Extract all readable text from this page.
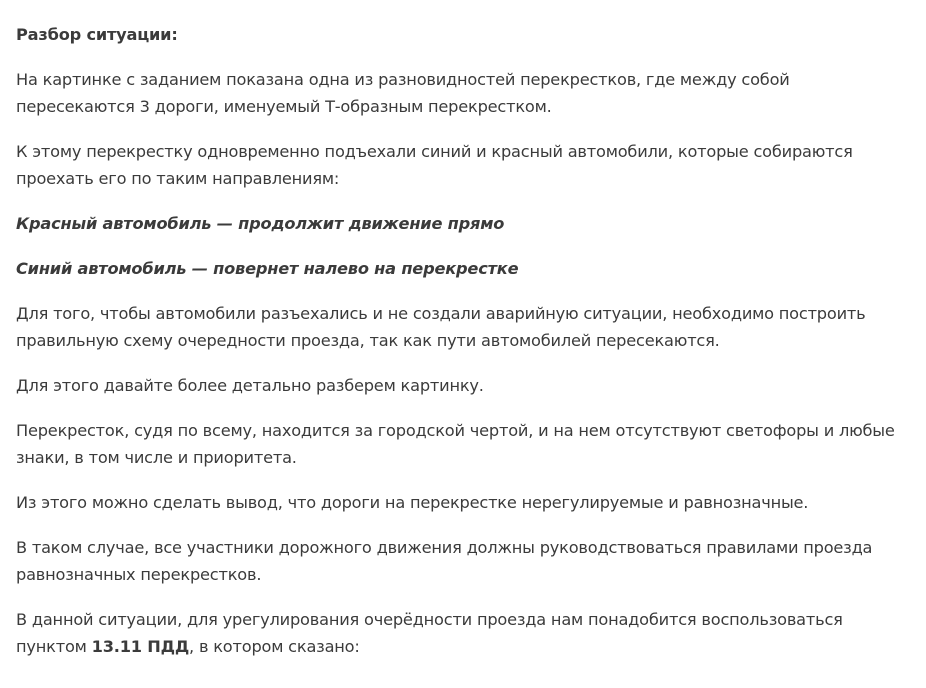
Разбор ситуации:

На картинке с заданием показана одна из разновидностей перекрестков, где между собой пересекаются 3 дороги, именуемый Т-образным перекрестком.

К этому перекрестку одновременно подъехали синий и красный автомобили, которые собираются проехать его по таким направлениям:

Красный автомобиль — продолжит движение прямо

Синий автомобиль — повернет налево на перекрестке

Для того, чтобы автомобили разъехались и не создали аварийную ситуации, необходимо построить правильную схему очередности проезда, так как пути автомобилей пересекаются.

Для этого давайте более детально разберем картинку.

Перекресток, судя по всему, находится за городской чертой, и на нем отсутствуют светофоры и любые знаки, в том числе и приоритета.

Из этого можно сделать вывод, что дороги на перекрестке нерегулируемые и равнозначные.

В таком случае, все участники дорожного движения должны руководствоваться правилами проезда равнозначных перекрестков.

В данной ситуации, для урегулирования очерёдности проезда нам понадобится воспользоваться пунктом 13.11 ПДД, в котором сказано:
